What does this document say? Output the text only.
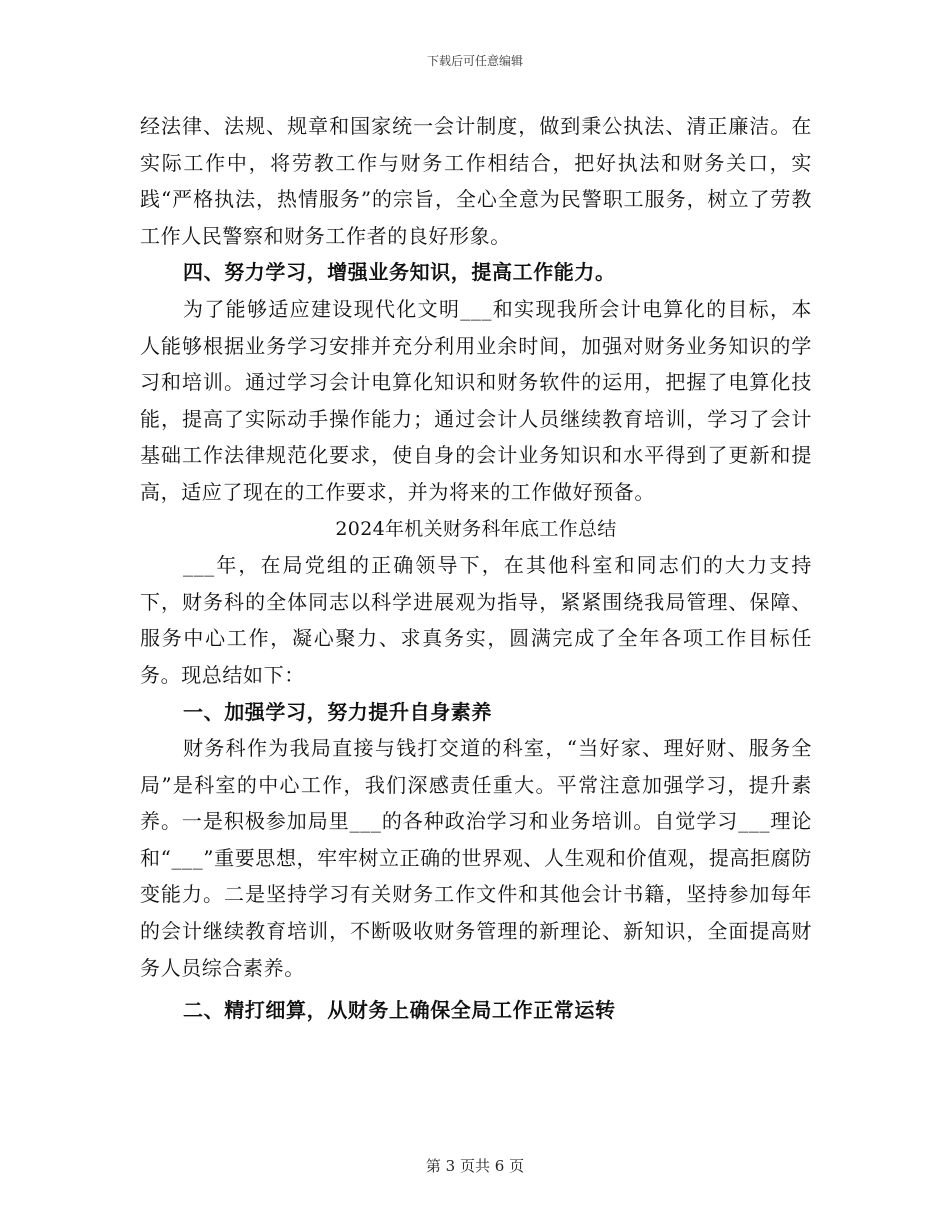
下载后可任意编辑

经法律、法规、规章和国家统一会计制度，做到秉公执法、清正廉洁。在实际工作中，将劳教工作与财务工作相结合，把好执法和财务关口，实践“严格执法，热情服务”的宗旨，全心全意为民警职工服务，树立了劳教工作人民警察和财务工作者的良好形象。

四、努力学习，增强业务知识，提高工作能力。

为了能够适应建设现代化文明___和实现我所会计电算化的目标，本人能够根据业务学习安排并充分利用业余时间，加强对财务业务知识的学习和培训。通过学习会计电算化知识和财务软件的运用，把握了电算化技能，提高了实际动手操作能力；通过会计人员继续教育培训，学习了会计基础工作法律规范化要求，使自身的会计业务知识和水平得到了更新和提高，适应了现在的工作要求，并为将来的工作做好预备。

2024年机关财务科年底工作总结

___年，在局党组的正确领导下，在其他科室和同志们的大力支持下，财务科的全体同志以科学进展观为指导，紧紧围绕我局管理、保障、服务中心工作，凝心聚力、求真务实，圆满完成了全年各项工作目标任务。现总结如下：

一、加强学习，努力提升自身素养

财务科作为我局直接与钱打交道的科室，“当好家、理好财、服务全局”是科室的中心工作，我们深感责任重大。平常注意加强学习，提升素养。一是积极参加局里___的各种政治学习和业务培训。自觉学习___理论和“___”重要思想，牢牢树立正确的世界观、人生观和价值观，提高拒腐防变能力。二是坚持学习有关财务工作文件和其他会计书籍，坚持参加每年的会计继续教育培训，不断吸收财务管理的新理论、新知识，全面提高财务人员综合素养。

二、精打细算，从财务上确保全局工作正常运转

第 3 页共 6 页
